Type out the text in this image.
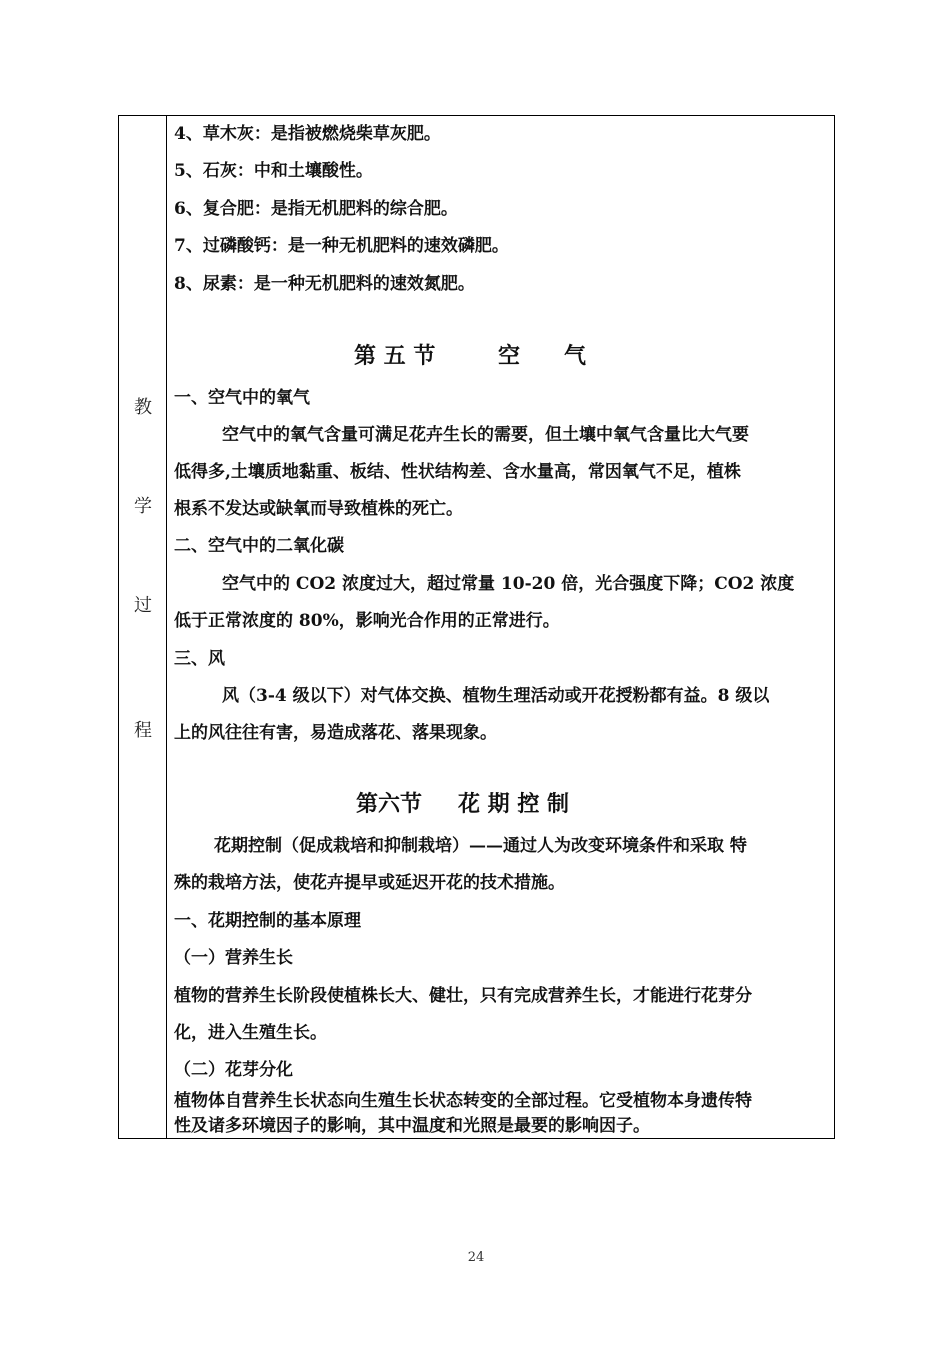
教
学
过
程
4、草木灰：是指被燃烧柴草灰肥。
5、石灰：中和土壤酸性。
6、复合肥：是指无机肥料的综合肥。
7、过磷酸钙：是一种无机肥料的速效磷肥。
8、尿素：是一种无机肥料的速效氮肥。
第 五 节	空　　气
一、空气中的氧气
空气中的氧气含量可满足花卉生长的需要，但土壤中氧气含量比大气要
低得多,土壤质地黏重、板结、性状结构差、含水量高，常因氧气不足，植株
根系不发达或缺氧而导致植株的死亡。
二、空气中的二氧化碳
空气中的 CO2 浓度过大，超过常量 10-20 倍，光合强度下降；CO2 浓度
低于正常浓度的 80%，影响光合作用的正常进行。
三、风
风（3-4 级以下）对气体交换、植物生理活动或开花授粉都有益。8 级以
上的风往往有害，易造成落花、落果现象。
第六节 花 期 控 制
花期控制（促成栽培和抑制栽培）——通过人为改变环境条件和采取 特
殊的栽培方法，使花卉提早或延迟开花的技术措施。
一、花期控制的基本原理
（一）营养生长
植物的营养生长阶段使植株长大、健壮，只有完成营养生长，才能进行花芽分
化，进入生殖生长。
（二）花芽分化
植物体自营养生长状态向生殖生长状态转变的全部过程。它受植物本身遗传特
性及诸多环境因子的影响，其中温度和光照是最要的影响因子。
24
